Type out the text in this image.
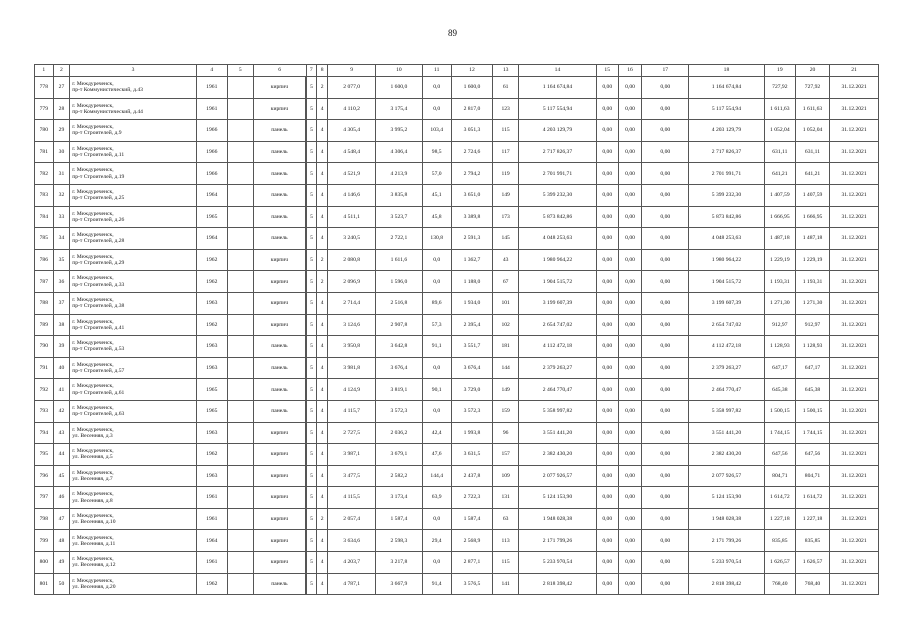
89
1	2	3	4	5	6	7	8	9	10	11	12	13	14	15	16	17	18	19	20	21
778	27	г. Междуреченск,
пр-т Коммунистический, д.43	1961		кирпич	5	2	2 077,0	1 600,0	0,0	1 600,0	61	1 164 674,84	0,00	0,00	0,00	1 164 674,84	727,92	727,92	31.12.2021
779	28	г. Междуреченск,
пр-т Коммунистический, д.44	1961		кирпич	5	4	4 110,2	3 175,4	0,0	2 817,0	123	5 117 554,94	0,00	0,00	0,00	5 117 554,94	1 611,63	1 611,63	31.12.2021
780	29	г. Междуреченск,
пр-т Строителей, д.9	1966		панель	5	4	4 305,4	3 995,2	103,4	3 051,3	115	4 203 129,79	0,00	0,00	0,00	4 203 129,79	1 052,04	1 052,04	31.12.2021
781	30	г. Междуреченск,
пр-т Строителей, д.11	1966		панель	5	4	4 548,4	4 306,4	98,5	2 724,6	117	2 717 826,37	0,00	0,00	0,00	2 717 826,37	631,11	631,11	31.12.2021
782	31	г. Междуреченск,
пр-т Строителей, д.19	1966		панель	5	4	4 521,9	4 213,9	57,0	2 794,2	119	2 701 991,71	0,00	0,00	0,00	2 701 991,71	641,21	641,21	31.12.2021
783	32	г. Междуреченск,
пр-т Строителей, д.25	1964		панель	5	4	4 146,6	3 835,8	45,1	3 651,0	149	5 399 232,30	0,00	0,00	0,00	5 399 232,30	1 407,59	1 407,59	31.12.2021
784	33	г. Междуреченск,
пр-т Строителей, д.26	1965		панель	5	4	4 511,1	3 523,7	45,8	3 389,8	173	5 873 842,86	0,00	0,00	0,00	5 873 842,86	1 666,95	1 666,95	31.12.2021
785	34	г. Междуреченск,
пр-т Строителей, д.28	1964		панель	5	4	3 240,5	2 722,1	130,8	2 591,3	145	4 048 253,63	0,00	0,00	0,00	4 048 253,63	1 487,18	1 487,18	31.12.2021
786	35	г. Междуреченск,
пр-т Строителей, д.29	1962		кирпич	5	2	2 080,8	1 611,6	0,0	1 362,7	43	1 980 964,22	0,00	0,00	0,00	1 980 964,22	1 229,19	1 229,19	31.12.2021
787	36	г. Междуреченск,
пр-т Строителей, д.33	1962		кирпич	5	2	2 096,9	1 596,0	0,0	1 188,0	67	1 904 515,72	0,00	0,00	0,00	1 904 515,72	1 193,31	1 193,31	31.12.2021
788	37	г. Междуреченск,
пр-т Строителей, д.38	1963		кирпич	5	4	2 714,4	2 516,8	89,6	1 934,0	101	3 199 607,39	0,00	0,00	0,00	3 199 607,39	1 271,30	1 271,30	31.12.2021
789	38	г. Междуреченск,
пр-т Строителей, д.41	1962		кирпич	5	4	3 124,6	2 907,8	57,3	2 395,4	102	2 654 747,02	0,00	0,00	0,00	2 654 747,02	912,97	912,97	31.12.2021
790	39	г. Междуреченск,
пр-т Строителей, д.53	1963		панель	5	4	3 950,8	3 642,8	91,1	3 551,7	181	4 112 472,18	0,00	0,00	0,00	4 112 472,18	1 128,93	1 128,93	31.12.2021
791	40	г. Междуреченск,
пр-т Строителей, д.57	1963		панель	5	4	3 981,8	3 676,4	0,0	3 676,4	144	2 379 263,27	0,00	0,00	0,00	2 379 263,27	647,17	647,17	31.12.2021
792	41	г. Междуреченск,
пр-т Строителей, д.61	1965		панель	5	4	4 124,9	3 819,1	90,1	3 729,0	149	2 464 770,47	0,00	0,00	0,00	2 464 770,47	645,38	645,38	31.12.2021
793	42	г. Междуреченск,
пр-т Строителей, д.63	1965		панель	5	4	4 115,7	3 572,3	0,0	3 572,3	159	5 358 997,82	0,00	0,00	0,00	5 358 997,82	1 500,15	1 500,15	31.12.2021
794	43	г. Междуреченск,
ул. Весенняя, д.3	1963		кирпич	5	4	2 727,5	2 036,2	42,4	1 993,8	96	3 551 441,20	0,00	0,00	0,00	3 551 441,20	1 744,15	1 744,15	31.12.2021
795	44	г. Междуреченск,
ул. Весенняя, д.5	1962		кирпич	5	4	3 987,1	3 679,1	47,6	3 631,5	157	2 382 430,20	0,00	0,00	0,00	2 382 430,20	647,56	647,56	31.12.2021
796	45	г. Междуреченск,
ул. Весенняя, д.7	1963		кирпич	5	4	3 477,5	2 582,2	144,4	2 437,8	109	2 077 926,57	0,00	0,00	0,00	2 077 926,57	804,71	804,71	31.12.2021
797	46	г. Междуреченск,
ул. Весенняя, д.8	1961		кирпич	5	4	4 115,5	3 173,4	63,9	2 722,3	131	5 124 153,90	0,00	0,00	0,00	5 124 153,90	1 614,72	1 614,72	31.12.2021
798	47	г. Междуреченск,
ул. Весенняя, д.10	1961		кирпич	5	2	2 057,4	1 587,4	0,0	1 587,4	63	1 948 028,38	0,00	0,00	0,00	1 948 028,38	1 227,18	1 227,18	31.12.2021
799	48	г. Междуреченск,
ул. Весенняя, д.11	1964		кирпич	5	4	3 634,6	2 598,3	29,4	2 568,9	113	2 171 799,26	0,00	0,00	0,00	2 171 799,26	835,85	835,85	31.12.2021
800	49	г. Междуреченск,
ул. Весенняя, д.12	1961		кирпич	5	4	4 203,7	3 217,8	0,0	2 877,1	115	5 233 970,54	0,00	0,00	0,00	5 233 970,54	1 626,57	1 626,57	31.12.2021
801	50	г. Междуреченск,
ул. Весенняя, д.20	1962		панель	5	4	4 787,1	3 667,9	91,4	3 576,5	141	2 818 398,42	0,00	0,00	0,00	2 818 398,42	768,40	768,40	31.12.2021
